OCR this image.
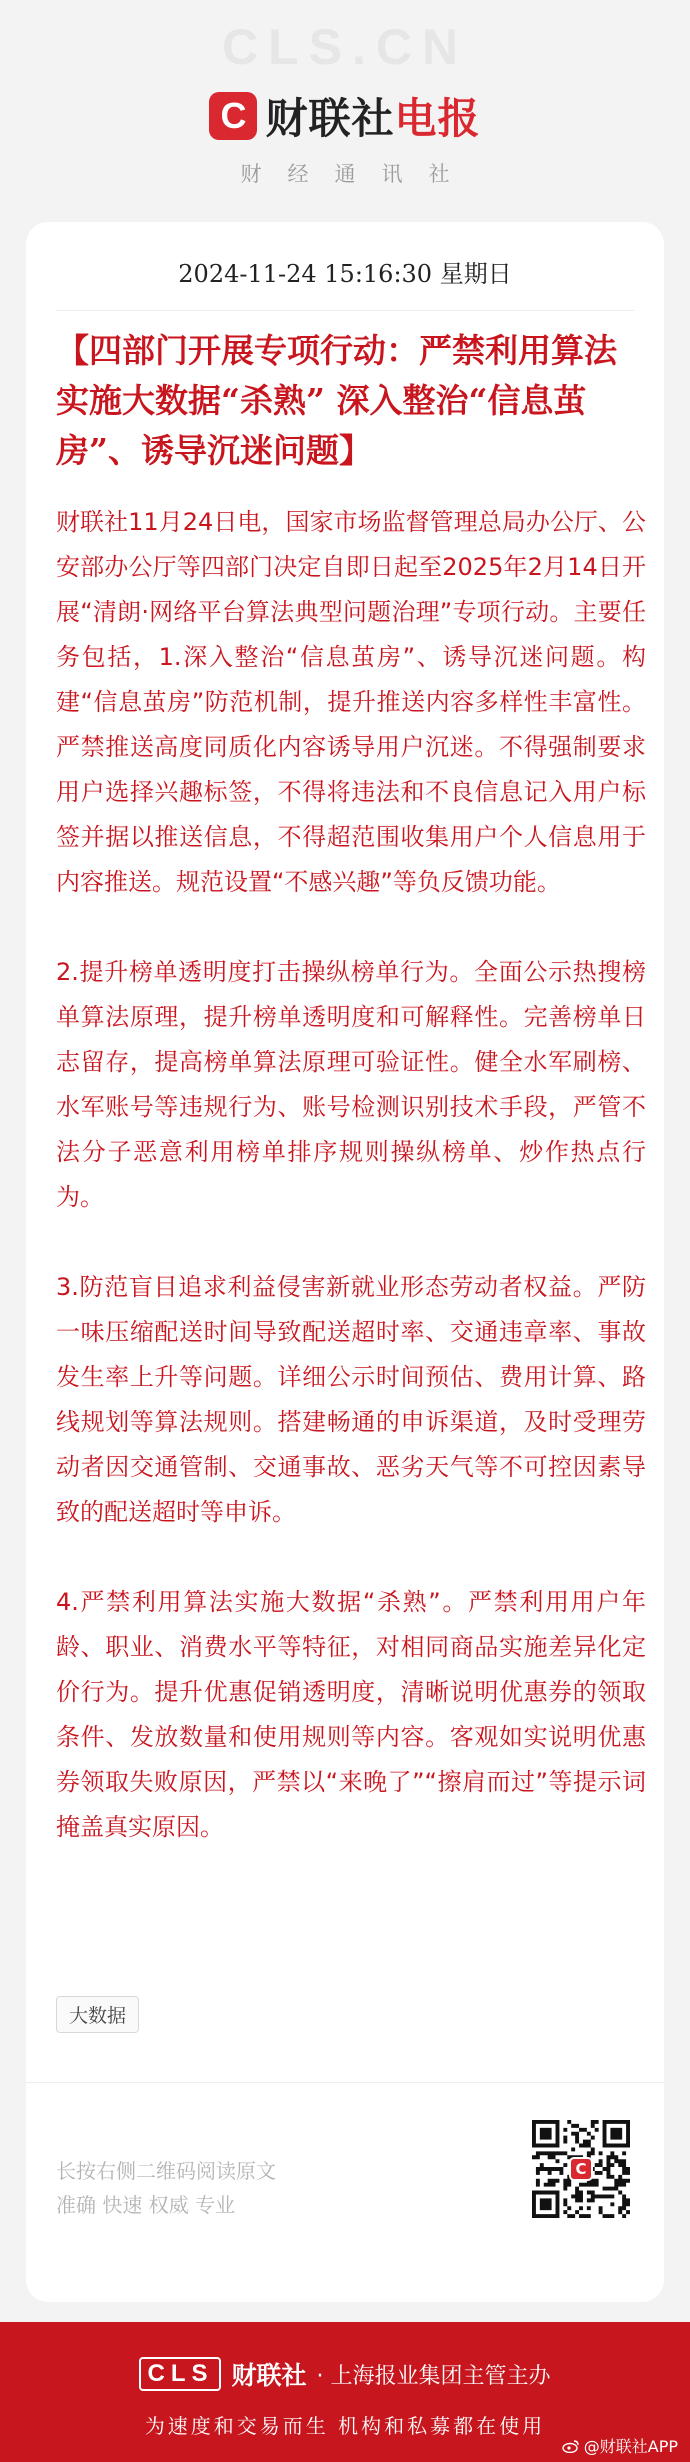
CLS.CN
C 财联社电报
财经通讯社
2024-11-24 15:16:30 星期日
【四部门开展专项行动：严禁利用算法实施大数据“杀熟” 深入整治“信息茧房”、诱导沉迷问题】

财联社11月24日电，国家市场监督管理总局办公厅、公安部办公厅等四部门决定自即日起至2025年2月14日开展“清朗·网络平台算法典型问题治理”专项行动。主要任务包括，1.深入整治“信息茧房”、诱导沉迷问题。构建“信息茧房”防范机制，提升推送内容多样性丰富性。严禁推送高度同质化内容诱导用户沉迷。不得强制要求用户选择兴趣标签，不得将违法和不良信息记入用户标签并据以推送信息，不得超范围收集用户个人信息用于内容推送。规范设置“不感兴趣”等负反馈功能。

2.提升榜单透明度打击操纵榜单行为。全面公示热搜榜单算法原理，提升榜单透明度和可解释性。完善榜单日志留存，提高榜单算法原理可验证性。健全水军刷榜、水军账号等违规行为、账号检测识别技术手段，严管不法分子恶意利用榜单排序规则操纵榜单、炒作热点行为。

3.防范盲目追求利益侵害新就业形态劳动者权益。严防一味压缩配送时间导致配送超时率、交通违章率、事故发生率上升等问题。详细公示时间预估、费用计算、路线规划等算法规则。搭建畅通的申诉渠道，及时受理劳动者因交通管制、交通事故、恶劣天气等不可控因素导致的配送超时等申诉。

4.严禁利用算法实施大数据“杀熟”。严禁利用用户年龄、职业、消费水平等特征，对相同商品实施差异化定价行为。提升优惠促销透明度，清晰说明优惠券的领取条件、发放数量和使用规则等内容。客观如实说明优惠券领取失败原因，严禁以“来晚了”“擦肩而过”等提示词掩盖真实原因。

大数据
长按右侧二维码阅读原文
准确 快速 权威 专业
C
CLS 财联社 · 上海报业集团主管主办
为速度和交易而生 机构和私募都在使用
@财联社APP
